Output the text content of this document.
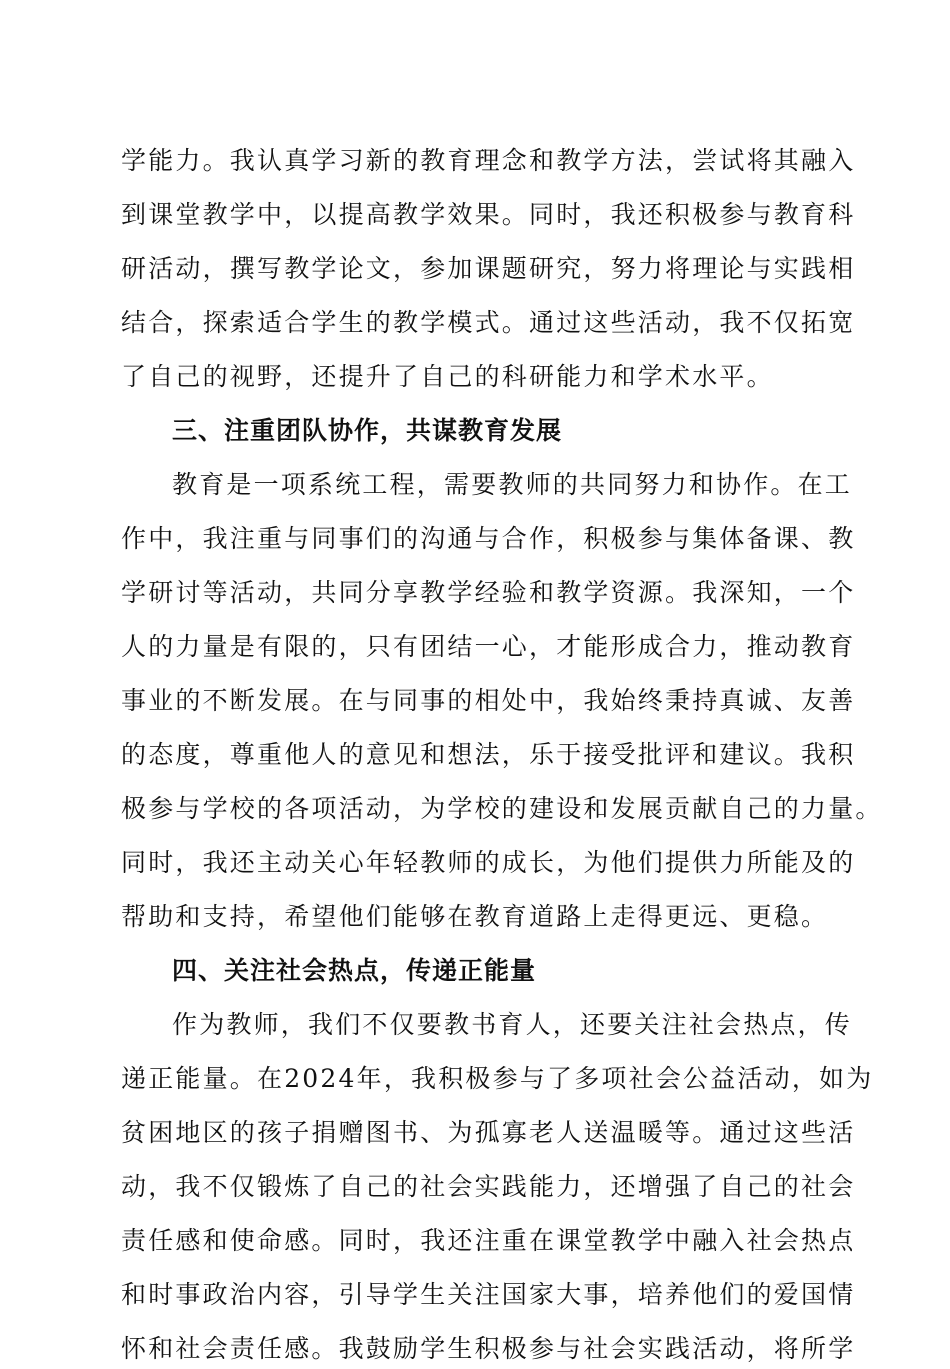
学能力。我认真学习新的教育理念和教学方法，尝试将其融入
到课堂教学中，以提高教学效果。同时，我还积极参与教育科
研活动，撰写教学论文，参加课题研究，努力将理论与实践相
结合，探索适合学生的教学模式。通过这些活动，我不仅拓宽
了自己的视野，还提升了自己的科研能力和学术水平。
三、注重团队协作，共谋教育发展
教育是一项系统工程，需要教师的共同努力和协作。在工
作中，我注重与同事们的沟通与合作，积极参与集体备课、教
学研讨等活动，共同分享教学经验和教学资源。我深知，一个
人的力量是有限的，只有团结一心，才能形成合力，推动教育
事业的不断发展。在与同事的相处中，我始终秉持真诚、友善
的态度，尊重他人的意见和想法，乐于接受批评和建议。我积
极参与学校的各项活动，为学校的建设和发展贡献自己的力量。
同时，我还主动关心年轻教师的成长，为他们提供力所能及的
帮助和支持，希望他们能够在教育道路上走得更远、更稳。
四、关注社会热点，传递正能量
作为教师，我们不仅要教书育人，还要关注社会热点，传
递正能量。在2024年，我积极参与了多项社会公益活动，如为
贫困地区的孩子捐赠图书、为孤寡老人送温暖等。通过这些活
动，我不仅锻炼了自己的社会实践能力，还增强了自己的社会
责任感和使命感。同时，我还注重在课堂教学中融入社会热点
和时事政治内容，引导学生关注国家大事，培养他们的爱国情
怀和社会责任感。我鼓励学生积极参与社会实践活动，将所学
